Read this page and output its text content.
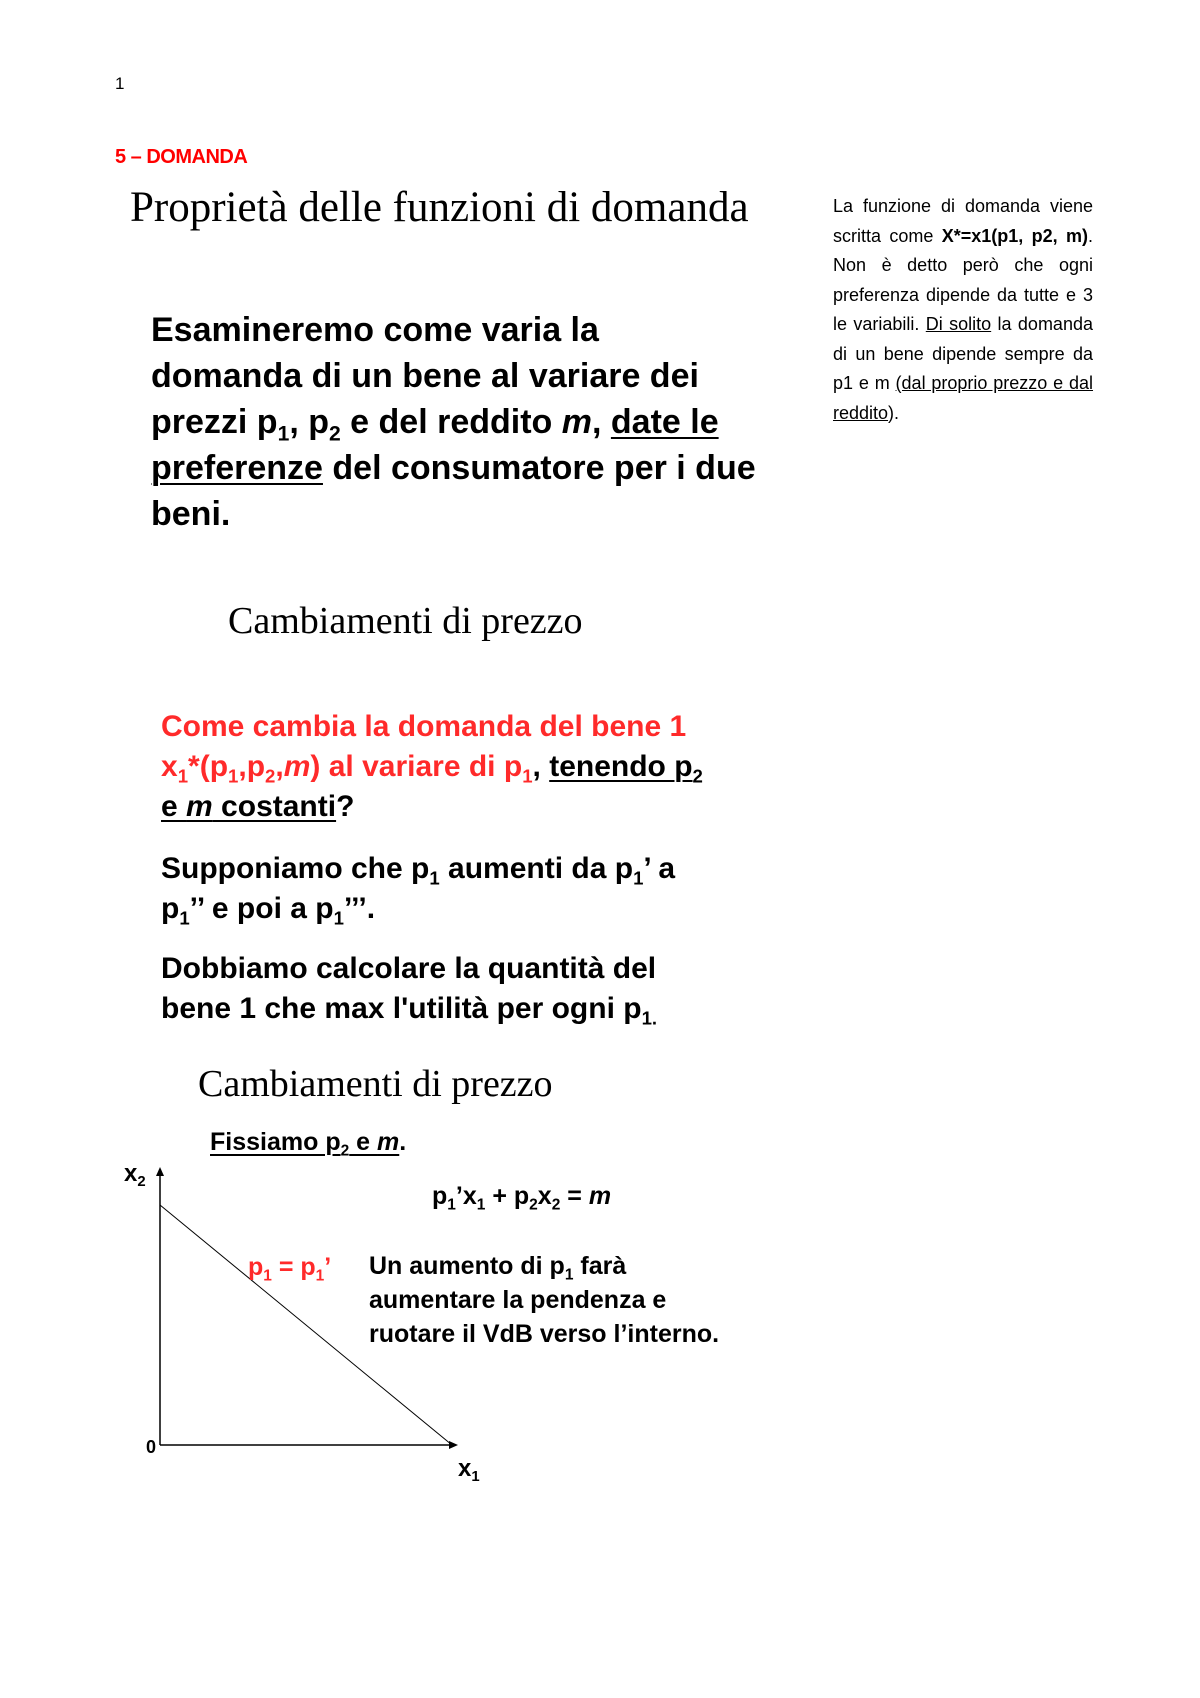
1
5 – DOMANDA
Proprietà delle funzioni di domanda
Esamineremo come varia la
domanda di un bene al variare dei
prezzi $p_1$, $p_2$ e del reddito m, date le
preferenze del consumatore per i due
beni.
La funzione di domanda viene scritta come X*=x1(p1, p2, m). Non è detto però che ogni preferenza dipende da tutte e 3 le variabili. Di solito la domanda di un bene dipende sempre da p1 e m (dal proprio prezzo e dal reddito).
Cambiamenti di prezzo
Come cambia la domanda del bene 1
$x_1*(p_1,p_2,m)$ al variare di $p_1$, tenendo $p_2$
e m costanti?
Supponiamo che $p_1$ aumenti da $p_1$’ a
$p_1$’’ e poi a $p_1$’’’.
Dobbiamo calcolare la quantità del
bene 1 che max l'utilità per ogni $p_{1.}$
Cambiamenti di prezzo
Fissiamo $p_2$ e m.
$p_1’x_1 + p_2x_2 = m$
$x_2$
$x_1$
0
$p_1 = p_1$’ Un aumento di $p_1$ farà
aumentare la pendenza e
ruotare il VdB verso l’interno.
